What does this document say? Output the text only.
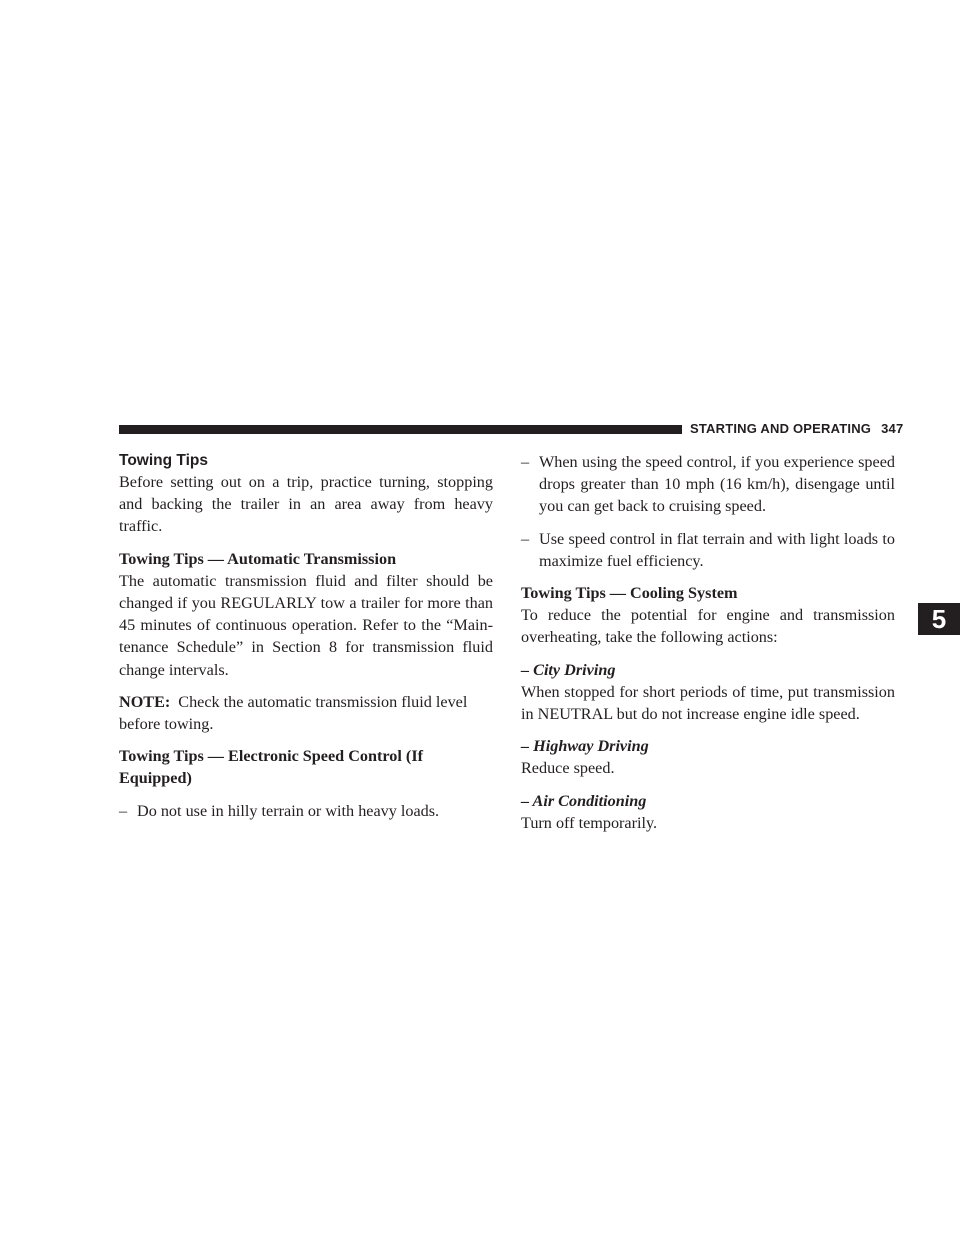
STARTING AND OPERATING 347

Towing Tips

Before setting out on a trip, practice turning, stopping and backing the trailer in an area away from heavy traffic.

Towing Tips — Automatic Transmission

The automatic transmission fluid and filter should be changed if you REGULARLY tow a trailer for more than 45 minutes of continuous operation. Refer to the “Main-tenance Schedule” in Section 8 for transmission fluid change intervals.

NOTE: Check the automatic transmission fluid level before towing.

Towing Tips — Electronic Speed Control (If Equipped)

– Do not use in hilly terrain or with heavy loads.

– When using the speed control, if you experience speed drops greater than 10 mph (16 km/h), disengage until you can get back to cruising speed.

– Use speed control in flat terrain and with light loads to maximize fuel efficiency.

Towing Tips — Cooling System

To reduce the potential for engine and transmission overheating, take the following actions:

– City Driving

When stopped for short periods of time, put transmission in NEUTRAL but do not increase engine idle speed.

– Highway Driving

Reduce speed.

– Air Conditioning

Turn off temporarily.

5
